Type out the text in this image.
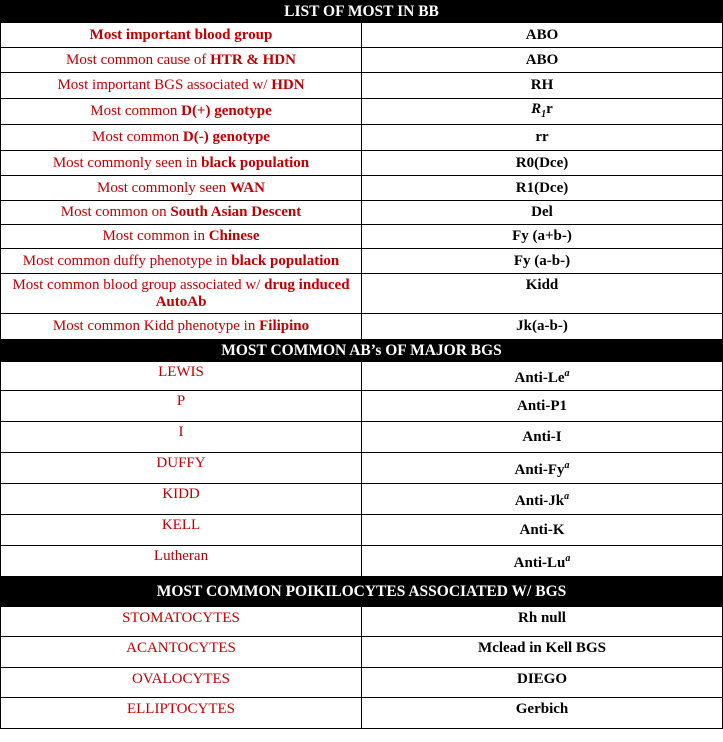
LIST OF MOST IN BB	
Most important blood group	ABO
Most common cause of HTR & HDN	ABO
Most important BGS associated w/ HDN	RH
Most common D(+) genotype	$R_1r$
Most common D(-) genotype	rr
Most commonly seen in black population	R0(Dce)
Most commonly seen WAN	R1(Dce)
Most common on South Asian Descent	Del
Most common in Chinese	Fy (a+b-)
Most common duffy phenotype in black population	Fy (a-b-)
Most common blood group associated w/ drug induced AutoAb	Kidd
Most common Kidd phenotype in Filipino	Jk(a-b-)
MOST COMMON AB’s OF MAJOR BGS	
LEWIS	Anti-Le$^a$
P	Anti-P1
I	Anti-I
DUFFY	Anti-Fy$^a$
KIDD	Anti-Jk$^a$
KELL	Anti-K
Lutheran	Anti-Lu$^a$
MOST COMMON POIKILOCYTES ASSOCIATED W/ BGS	
STOMATOCYTES	Rh null
ACANTOCYTES	Mclead in Kell BGS
OVALOCYTES	DIEGO
ELLIPTOCYTES	Gerbich
